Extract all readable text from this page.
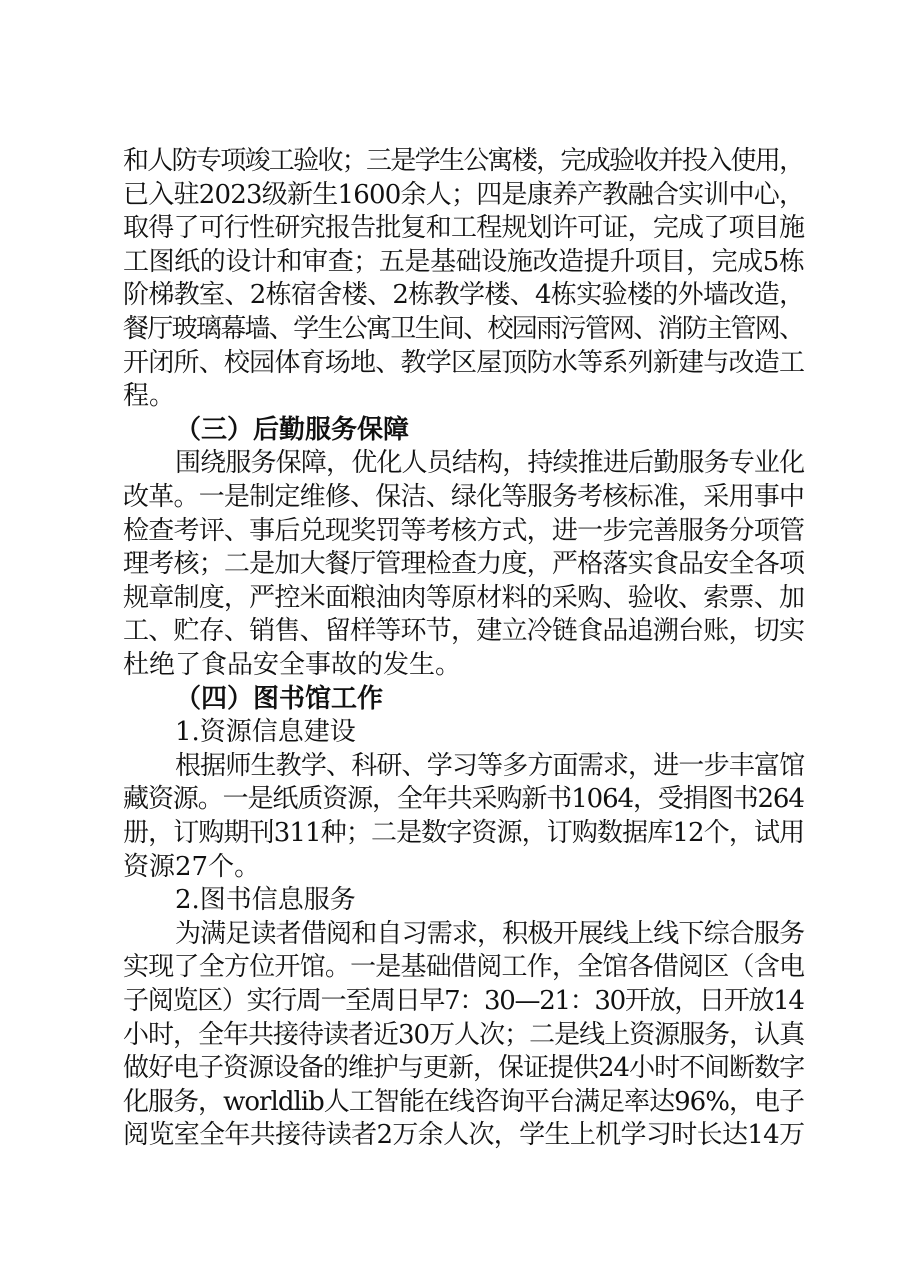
和人防专项竣工验收；三是学生公寓楼，完成验收并投入使用，
已入驻2023级新生1600余人；四是康养产教融合实训中心，
取得了可行性研究报告批复和工程规划许可证，完成了项目施
工图纸的设计和审查；五是基础设施改造提升项目，完成5栋
阶梯教室、2栋宿舍楼、2栋教学楼、4栋实验楼的外墙改造，
餐厅玻璃幕墙、学生公寓卫生间、校园雨污管网、消防主管网、
开闭所、校园体育场地、教学区屋顶防水等系列新建与改造工
程。
（三）后勤服务保障
围绕服务保障，优化人员结构，持续推进后勤服务专业化
改革。一是制定维修、保洁、绿化等服务考核标准，采用事中
检查考评、事后兑现奖罚等考核方式，进一步完善服务分项管
理考核；二是加大餐厅管理检查力度，严格落实食品安全各项
规章制度，严控米面粮油肉等原材料的采购、验收、索票、加
工、贮存、销售、留样等环节，建立冷链食品追溯台账，切实
杜绝了食品安全事故的发生。
（四）图书馆工作
1.资源信息建设
根据师生教学、科研、学习等多方面需求，进一步丰富馆
藏资源。一是纸质资源，全年共采购新书1064，受捐图书264
册，订购期刊311种；二是数字资源，订购数据库12个，试用
资源27个。
2.图书信息服务
为满足读者借阅和自习需求，积极开展线上线下综合服务
实现了全方位开馆。一是基础借阅工作，全馆各借阅区（含电
子阅览区）实行周一至周日早7：30—21：30开放，日开放14
小时，全年共接待读者近30万人次；二是线上资源服务，认真
做好电子资源设备的维护与更新，保证提供24小时不间断数字
化服务，worldlib人工智能在线咨询平台满足率达96%，电子
阅览室全年共接待读者2万余人次，学生上机学习时长达14万
